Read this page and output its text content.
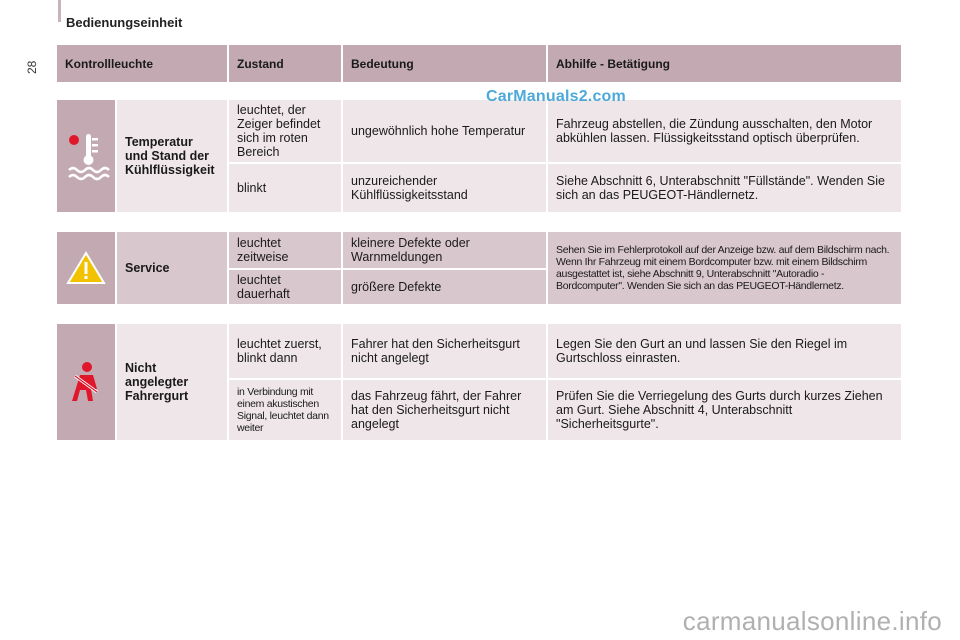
Bedienungseinheit
28 Kontrollleuchte		Zustand	Bedeutung	Abhilfe - Betätigung

	Temperatur und Stand der Kühlflüssigkeit	leuchtet, der Zeiger befindet sich im roten Bereich	ungewöhnlich hohe Temperatur	Fahrzeug abstellen, die Zündung ausschalten, den Motor abkühlen lassen. Flüssigkeitsstand optisch überprüfen.
		blinkt	unzureichender Kühlflüssigkeitsstand	Siehe Abschnitt 6, Unterabschnitt "Füllstände". Wenden Sie sich an das PEUGEOT-Händlernetz.

	Service	leuchtet zeitweise	kleinere Defekte oder Warnmeldungen	Sehen Sie im Fehlerprotokoll auf der Anzeige bzw. auf dem Bildschirm nach. Wenn Ihr Fahrzeug mit einem Bordcomputer bzw. mit einem Bildschirm ausgestattet ist, siehe Abschnitt 9, Unterabschnitt "Autoradio - Bordcomputer". Wenden Sie sich an das PEUGEOT-Händlernetz.
		leuchtet dauerhaft	größere Defekte	

	Nicht angelegter Fahrergurt	leuchtet zuerst, blinkt dann	Fahrer hat den Sicherheitsgurt nicht angelegt	Legen Sie den Gurt an und lassen Sie den Riegel im Gurtschloss einrasten.
		in Verbindung mit einem akustischen Signal, leuchtet dann weiter	das Fahrzeug fährt, der Fahrer hat den Sicherheitsgurt nicht angelegt	Prüfen Sie die Verriegelung des Gurts durch kurzes Ziehen am Gurt. Siehe Abschnitt 4, Unterabschnitt "Sicherheitsgurte".
CarManuals2.com
carmanualsonline.info
